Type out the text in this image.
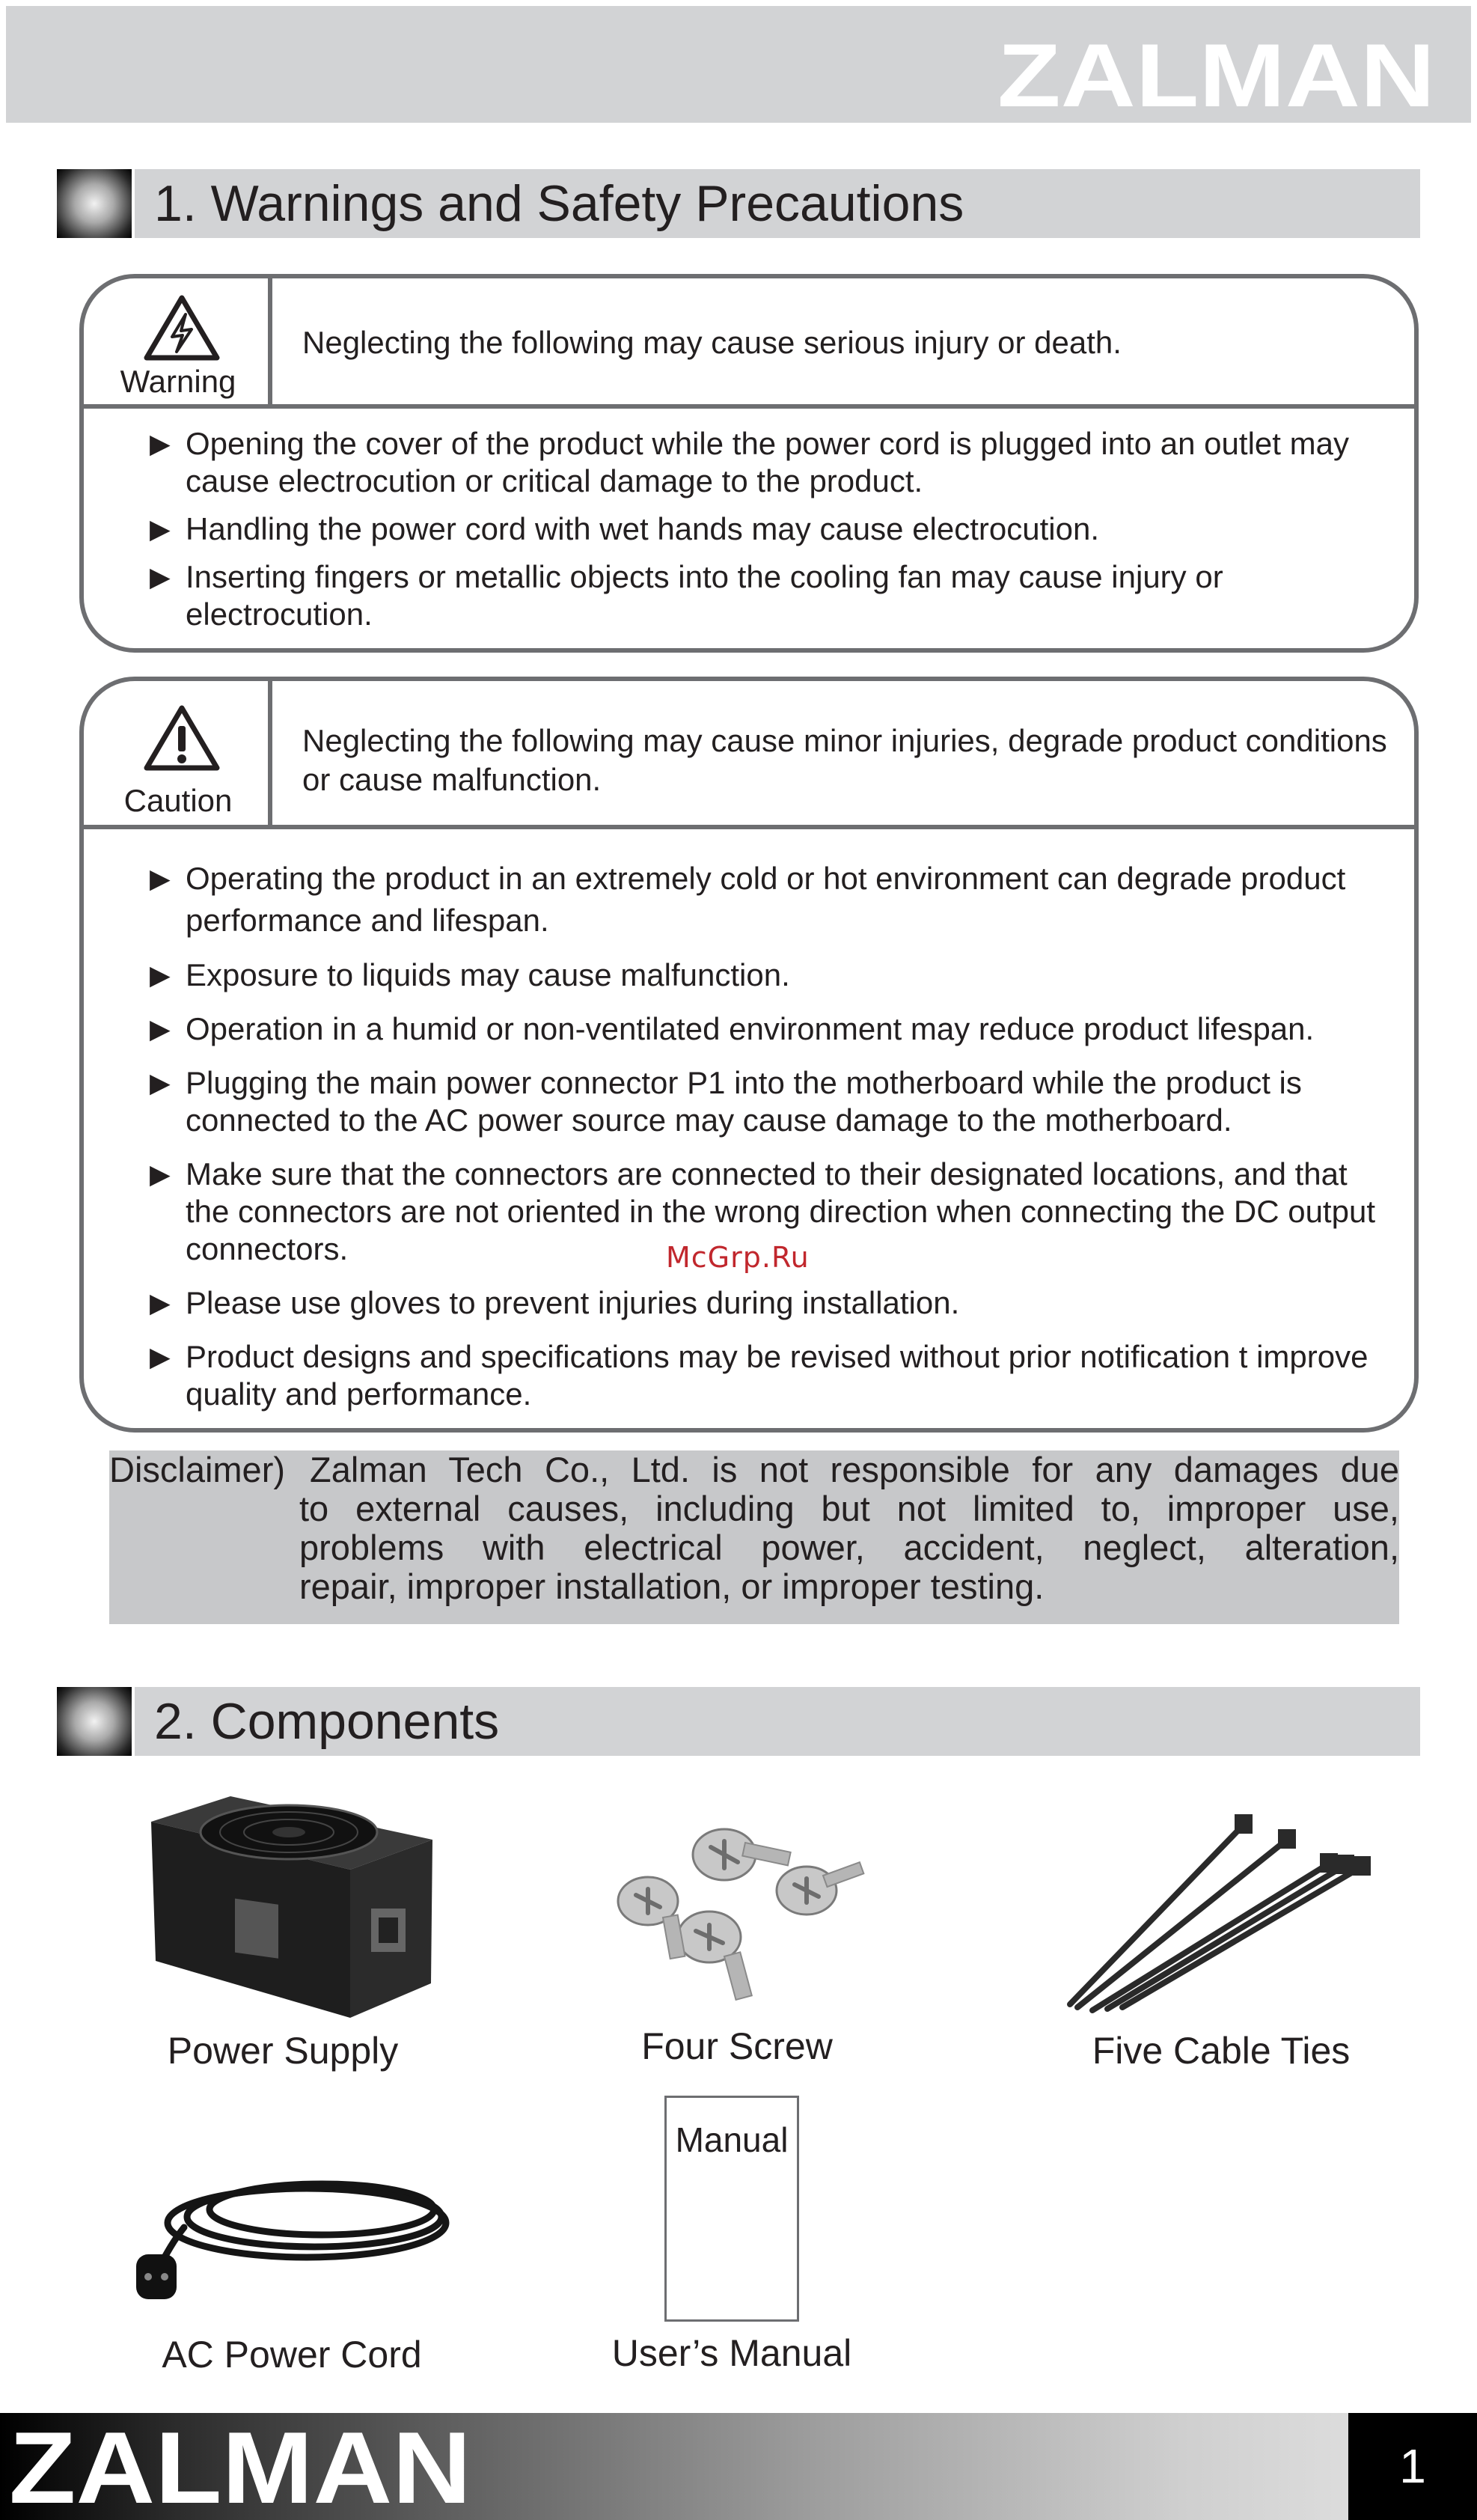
ZALMAN
1. Warnings and Safety Precautions
Warning
Neglecting the following may cause serious injury or death.
▶ Opening the cover of the product while the power cord is plugged into an outlet may cause electrocution or critical damage to the product.
▶ Handling the power cord with wet hands may cause electrocution.
▶ Inserting fingers or metallic objects into the cooling fan may cause injury or electrocution.
Caution
Neglecting the following may cause minor injuries, degrade product conditions or cause malfunction.
▶ Operating the product in an extremely cold or hot environment can degrade product performance and lifespan.
▶ Exposure to liquids may cause malfunction.
▶ Operation in a humid or non-ventilated environment may reduce product lifespan.
▶ Plugging the main power connector P1 into the motherboard while the product is connected to the AC power source may cause damage to the motherboard.
▶ Make sure that the connectors are connected to their designated locations, and that the connectors are not oriented in the wrong direction when connecting the DC output connectors.
▶ Please use gloves to prevent injuries during installation.
▶ Product designs and specifications may be revised without prior notification t improve quality and performance.
McGrp.Ru
Disclaimer) Zalman Tech Co., Ltd. is not responsible for any damages due
to external causes, including but not limited to, improper use,
problems with electrical power, accident, neglect, alteration,
repair, improper installation, or improper testing.
2. Components
Power Supply	Four Screw	Five Cable Ties
AC Power Cord
Manual
User’s Manual
ZALMAN	1
